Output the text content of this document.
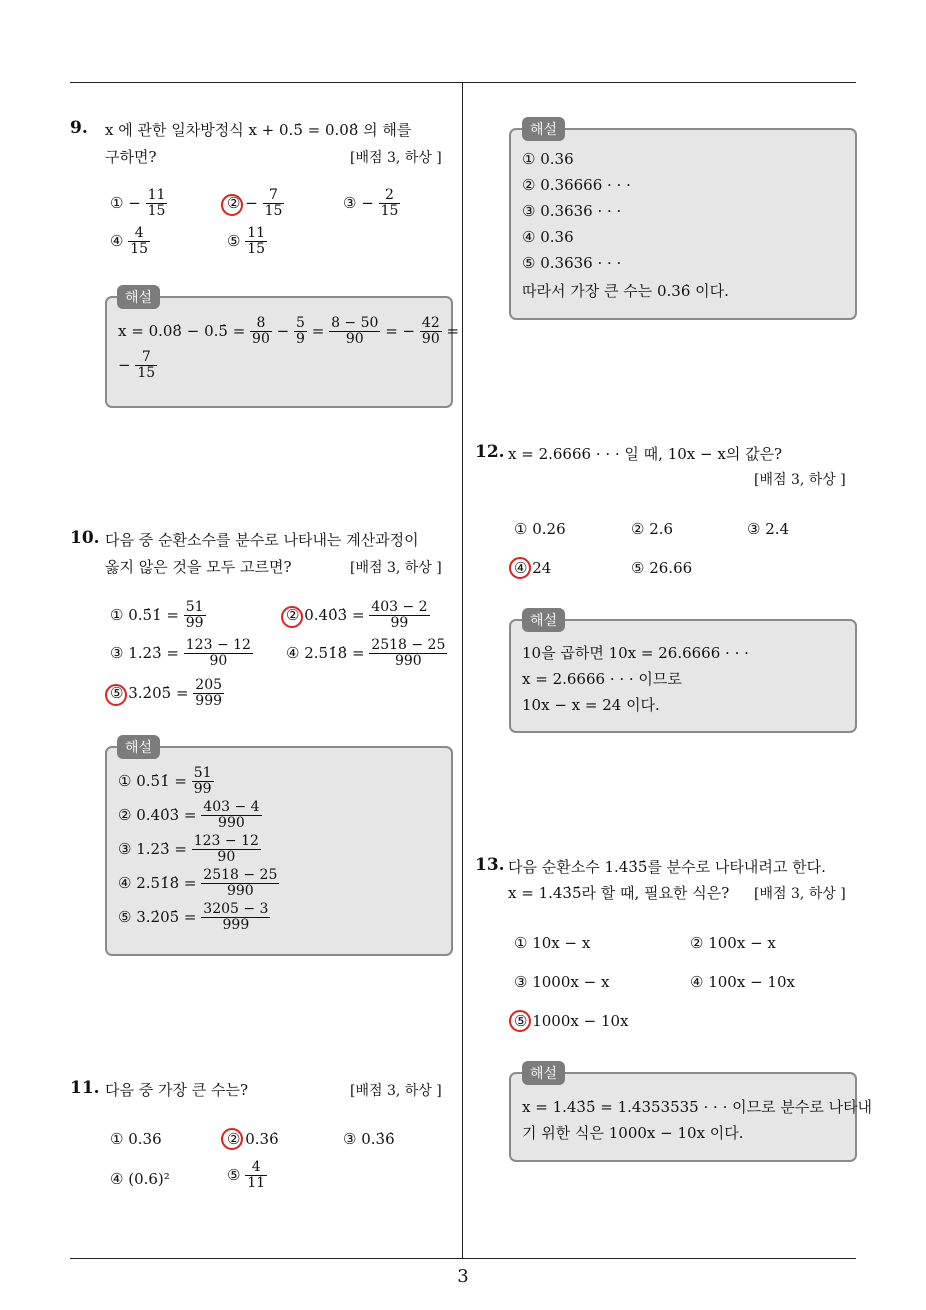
3
9. x 에 관한 일차방정식 x + 0.5̇ = 0.08̇ 의 해를
구하면?	[배점 3, 하상 ]
① − $\frac{11}{15}$	② − $\frac{7}{15}$	③ − $\frac{2}{15}$
④ $\frac{4}{15}$	⑤ $\frac{11}{15}$
해설
x = 0.08̇ − 0.5̇ = $\frac{8}{90} - \frac{5}{9} = \frac{8 - 50}{90}$ = − $\frac{42}{90}$ =
− $\frac{7}{15}$
10. 다음 중 순환소수를 분수로 나타내는 계산과정이
옳지 않은 것을 모두 고르면?	[배점 3, 하상 ]
① 0.5̇1̇ = $\frac{51}{99}$	② 0.40̇3̇ = $\frac{403 - 2}{99}$
③ 1.23̇ = $\frac{123 - 12}{90}$ ④ 2.51̇8̇ = $\frac{2518 - 25}{990}$
⑤ 3.2̇05̇ = $\frac{205}{999}$
해설
① 0.5̇1̇ = $\frac{51}{99}$
② 0.40̇3̇ = $\frac{403 - 4}{990}$
③ 1.23̇ = $\frac{123 - 12}{90}$
④ 2.51̇8̇ = $\frac{2518 - 25}{990}$
⑤ 3.2̇05̇ = $\frac{3205 - 3}{999}$
11. 다음 중 가장 큰 수는?	[배점 3, 하상 ]
① 0.36	② 0.36̇	③ 0.3̇6̇
④ (0.6)²	⑤ $\frac{4}{11}$
해설
① 0.36
② 0.36666 · · ·
③ 0.3636 · · ·
④ 0.36
⑤ 0.3636 · · ·
따라서 가장 큰 수는 0.36̇ 이다.
12. x = 2.6666 · · · 일 때, 10x − x의 값은?
[배점 3, 하상 ]
① 0.26	② 2.6	③ 2.4
④ 24	⑤ 26.66
해설
10을 곱하면 10x = 26.6666 · · ·
x = 2.6666 · · · 이므로
10x − x = 24 이다.
13. 다음 순환소수 1.43̇5̇를 분수로 나타내려고 한다.
x = 1.43̇5̇라 할 때, 필요한 식은? [배점 3, 하상 ]
① 10x − x	② 100x − x
③ 1000x − x	④ 100x − 10x
⑤ 1000x − 10x
해설
x = 1.43̇5̇ = 1.4353535 · · · 이므로 분수로 나타내
기 위한 식은 1000x − 10x 이다.
